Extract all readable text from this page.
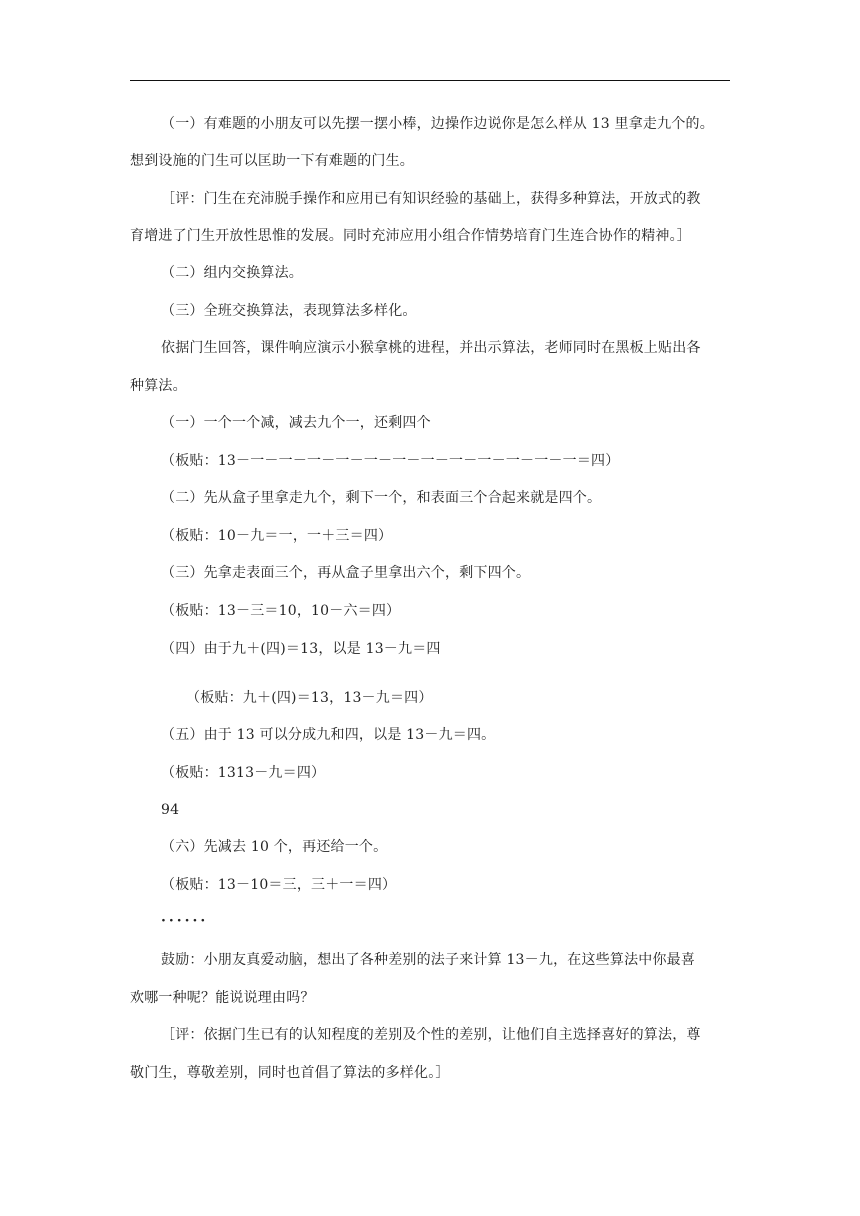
（一）有难题的小朋友可以先摆一摆小棒，边操作边说你是怎么样从 13 里拿走九个的。
想到设施的门生可以匡助一下有难题的门生。
［评：门生在充沛脱手操作和应用已有知识经验的基础上，获得多种算法，开放式的教
育增进了门生开放性思惟的发展。同时充沛应用小组合作情势培育门生连合协作的精神。］
（二）组内交换算法。
（三）全班交换算法，表现算法多样化。
依据门生回答，课件响应演示小猴拿桃的进程，并出示算法，老师同时在黑板上贴出各
种算法。
（一）一个一个减，减去九个一，还剩四个
（板贴：13－一－一－一－一－一－一－一－一－一－一－一－一＝四）
（二）先从盒子里拿走九个，剩下一个，和表面三个合起来就是四个。
（板贴：10－九＝一，一＋三＝四）
（三）先拿走表面三个，再从盒子里拿出六个，剩下四个。
（板贴：13－三＝10，10－六＝四）
（四）由于九＋(四)＝13，以是 13－九＝四
（板贴：九＋(四)＝13，13－九＝四）
（五）由于 13 可以分成九和四，以是 13－九＝四。
（板贴：1313－九＝四）
94
（六）先减去 10 个，再还给一个。
（板贴：13－10＝三，三＋一＝四）
······
鼓励：小朋友真爱动脑，想出了各种差别的法子来计算 13－九，在这些算法中你最喜
欢哪一种呢？能说说理由吗？
［评：依据门生已有的认知程度的差别及个性的差别，让他们自主选择喜好的算法，尊
敬门生，尊敬差别，同时也首倡了算法的多样化。］
